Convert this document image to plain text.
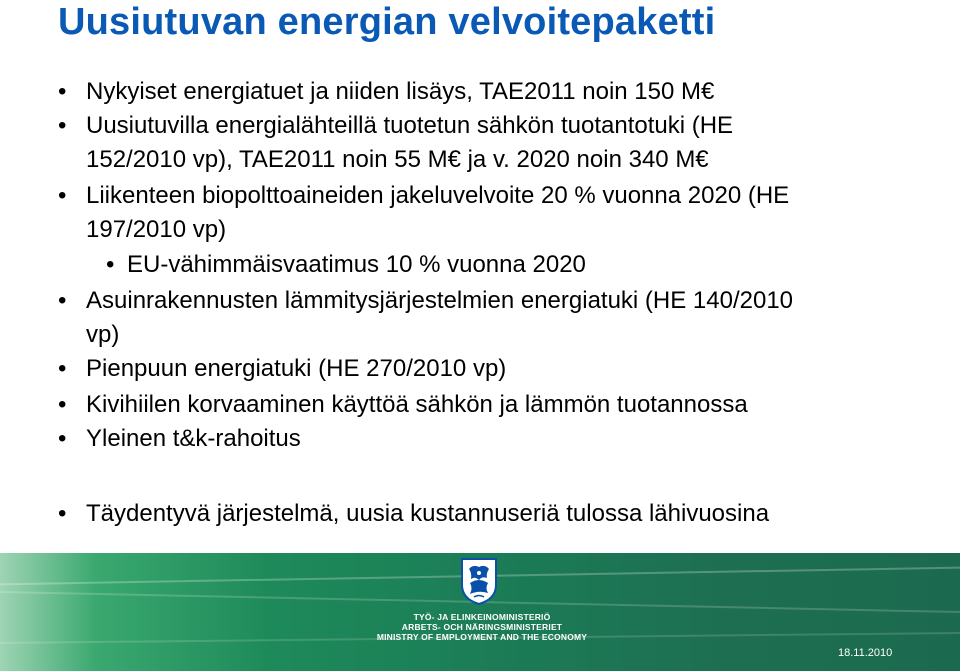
Uusiutuvan energian velvoitepaketti
• Nykyiset energiatuet ja niiden lisäys, TAE2011 noin 150 M€
• Uusiutuvilla energialähteillä tuotetun sähkön tuotantotuki (HE
152/2010 vp), TAE2011 noin 55 M€ ja v. 2020 noin 340 M€
• Liikenteen biopolttoaineiden jakeluvelvoite 20 % vuonna 2020 (HE
197/2010 vp)
• EU-vähimmäisvaatimus 10 % vuonna 2020
• Asuinrakennusten lämmitysjärjestelmien energiatuki (HE 140/2010
vp)
• Pienpuun energiatuki (HE 270/2010 vp)
• Kivihiilen korvaaminen käyttöä sähkön ja lämmön tuotannossa
• Yleinen t&k-rahoitus
• Täydentyvä järjestelmä, uusia kustannuseriä tulossa lähivuosina
TYÖ- JA ELINKEINOMINISTERIÖ
ARBETS- OCH NÄRINGSMINISTERIET
MINISTRY OF EMPLOYMENT AND THE ECONOMY
18.11.2010
